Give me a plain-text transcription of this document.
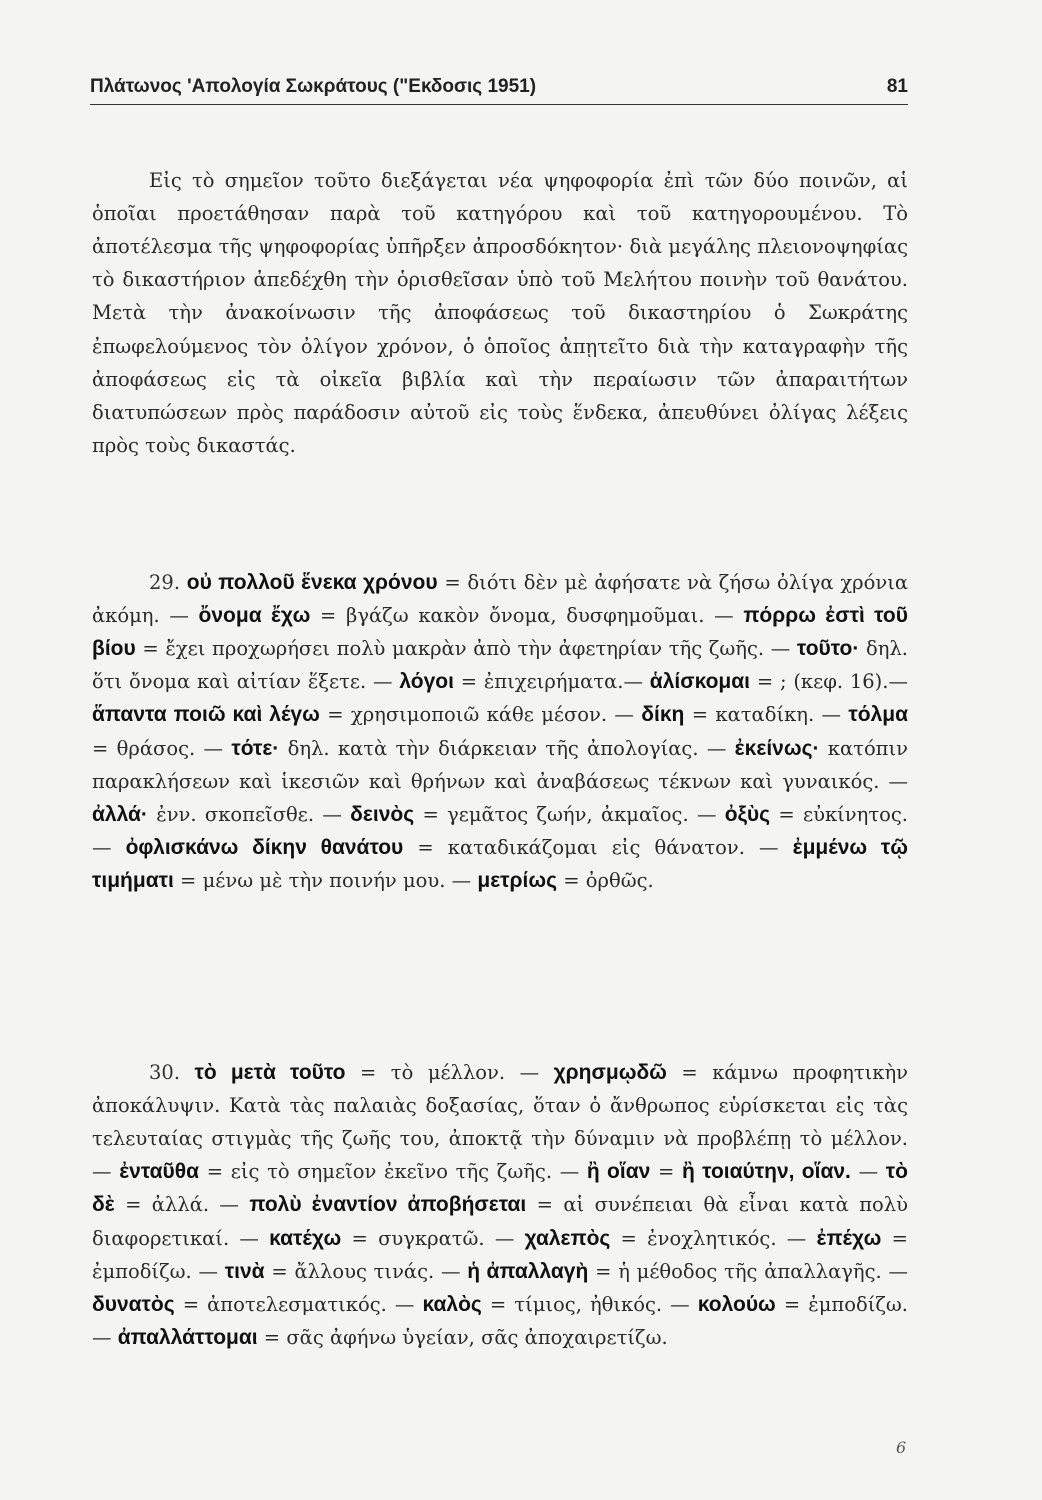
Πλάτωνος 'Απολογία Σωκράτους ("Εκδοσις 1951)	81

Εἰς τὸ σημεῖον τοῦτο διεξάγεται νέα ψηφοφορία ἐπὶ τῶν δύο ποινῶν, αἱ ὁποῖαι προετάθησαν παρὰ τοῦ κατηγόρου καὶ τοῦ κατηγορουμένου. Τὸ ἀποτέλεσμα τῆς ψηφοφορίας ὑπῆρξεν ἀπροσδόκητον· διὰ μεγάλης πλειονοψηφίας τὸ δικαστήριον ἀπεδέχθη τὴν ὁρισθεῖσαν ὑπὸ τοῦ Μελήτου ποινὴν τοῦ θανάτου. Μετὰ τὴν ἀνακοίνωσιν τῆς ἀποφάσεως τοῦ δικαστηρίου ὁ Σωκράτης ἐπωφελούμενος τὸν ὀλίγον χρόνον, ὁ ὁποῖος ἀπῃτεῖτο διὰ τὴν καταγραφὴν τῆς ἀποφάσεως εἰς τὰ οἰκεῖα βιβλία καὶ τὴν περαίωσιν τῶν ἀπαραιτήτων διατυπώσεων πρὸς παράδοσιν αὐτοῦ εἰς τοὺς ἕνδεκα, ἀπευθύνει ὀλίγας λέξεις πρὸς τοὺς δικαστάς.

29. οὐ πολλοῦ ἕνεκα χρόνου = διότι δὲν μὲ ἀφήσατε νὰ ζήσω ὀλίγα χρόνια ἀκόμη. — ὄνομα ἔχω = βγάζω κακὸν ὄνομα, δυσφημοῦμαι. — πόρρω ἐστὶ τοῦ βίου = ἔχει προχωρήσει πολὺ μακρὰν ἀπὸ τὴν ἀφετηρίαν τῆς ζωῆς. — τοῦτο· δηλ. ὅτι ὄνομα καὶ αἰτίαν ἕξετε. — λόγοι = ἐπιχειρήματα.— ἁλίσκομαι = ; (κεφ. 16).— ἅπαντα ποιῶ καὶ λέγω = χρησιμοποιῶ κάθε μέσον. — δίκη = καταδίκη. — τόλμα = θράσος. — τότε· δηλ. κατὰ τὴν διάρκειαν τῆς ἀπολογίας. — ἐκείνως· κατόπιν παρακλήσεων καὶ ἱκεσιῶν καὶ θρήνων καὶ ἀναβάσεως τέκνων καὶ γυναικός. — ἀλλά· ἐνν. σκοπεῖσθε. — δεινὸς = γεμᾶτος ζωήν, ἀκμαῖος. — ὀξὺς = εὐκίνητος. — ὀφλισκάνω δίκην θανάτου = καταδικάζομαι εἰς θάνατον. — ἐμμένω τῷ τιμήματι = μένω μὲ τὴν ποινήν μου. — μετρίως = ὀρθῶς.

30. τὸ μετὰ τοῦτο = τὸ μέλλον. — χρησμῳδῶ = κάμνω προφητικὴν ἀποκάλυψιν. Κατὰ τὰς παλαιὰς δοξασίας, ὅταν ὁ ἄνθρωπος εὑρίσκεται εἰς τὰς τελευταίας στιγμὰς τῆς ζωῆς του, ἀποκτᾷ τὴν δύναμιν νὰ προβλέπῃ τὸ μέλλον. — ἐνταῦθα = εἰς τὸ σημεῖον ἐκεῖνο τῆς ζωῆς. — ἢ οἵαν = ἢ τοιαύτην, οἵαν. — τὸ δὲ = ἀλλά. — πολὺ ἐναντίον ἀποβήσεται = αἱ συνέπειαι θὰ εἶναι κατὰ πολὺ διαφορετικαί. — κατέχω = συγκρατῶ. — χαλεπὸς = ἐνοχλητικός. — ἐπέχω = ἐμποδίζω. — τινὰ = ἄλλους τινάς. — ἡ ἀπαλλαγὴ = ἡ μέθοδος τῆς ἀπαλλαγῆς. — δυνατὸς = ἀποτελεσματικός. — καλὸς = τίμιος, ἠθικός. — κολούω = ἐμποδίζω. — ἀπαλλάττομαι = σᾶς ἀφήνω ὑγείαν, σᾶς ἀποχαιρετίζω.

6
